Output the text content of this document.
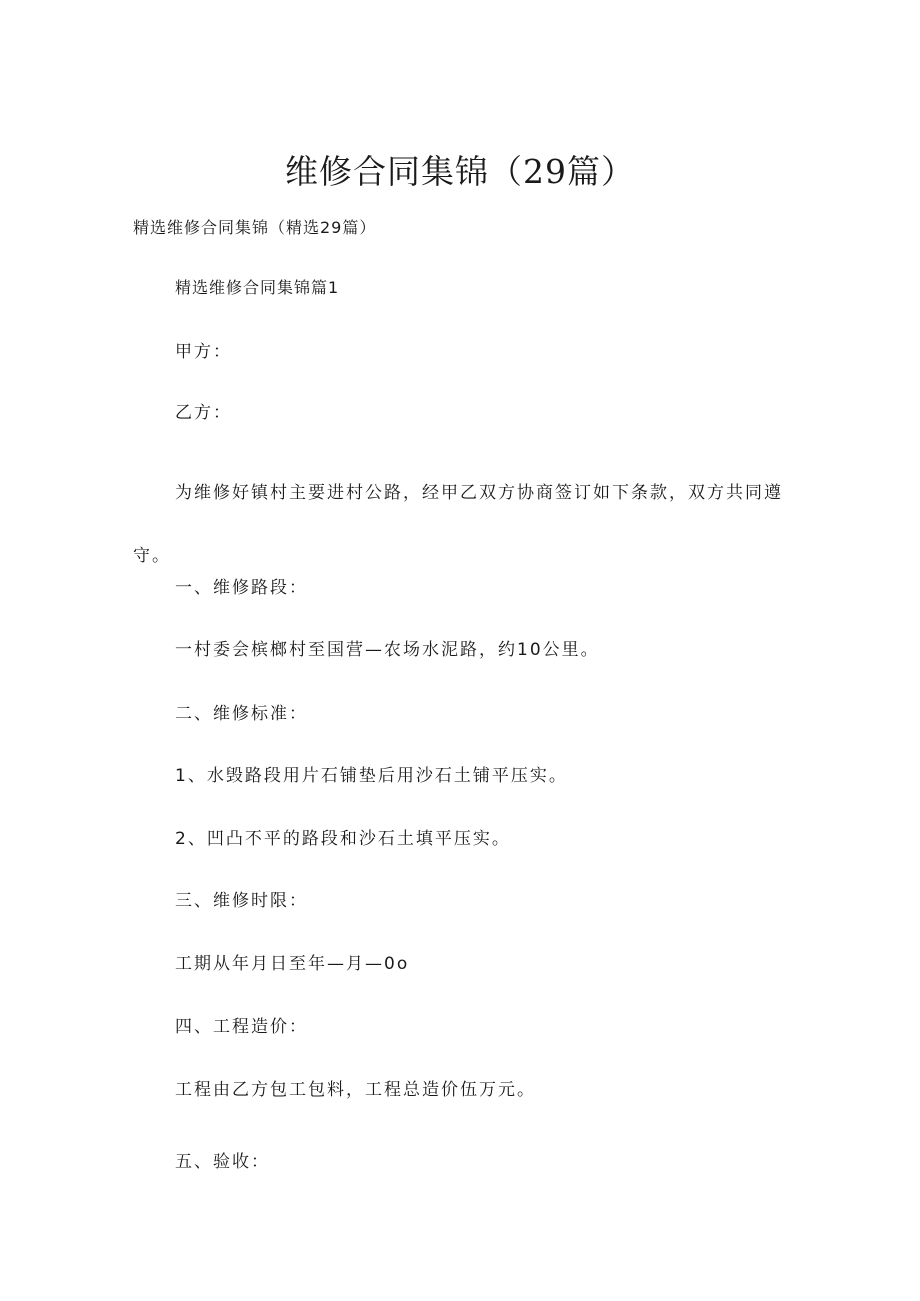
维修合同集锦（29篇）
精选维修合同集锦（精选29篇）
精选维修合同集锦篇1
甲方：
乙方：
为维修好镇村主要进村公路，经甲乙双方协商签订如下条款，双方共同遵守。
一、维修路段：
一村委会槟榔村至国营—农场水泥路，约10公里。
二、维修标准：
1、水毁路段用片石铺垫后用沙石土铺平压实。
2、凹凸不平的路段和沙石土填平压实。
三、维修时限：
工期从年月日至年—月—0o
四、工程造价：
工程由乙方包工包料，工程总造价伍万元。
五、验收：
